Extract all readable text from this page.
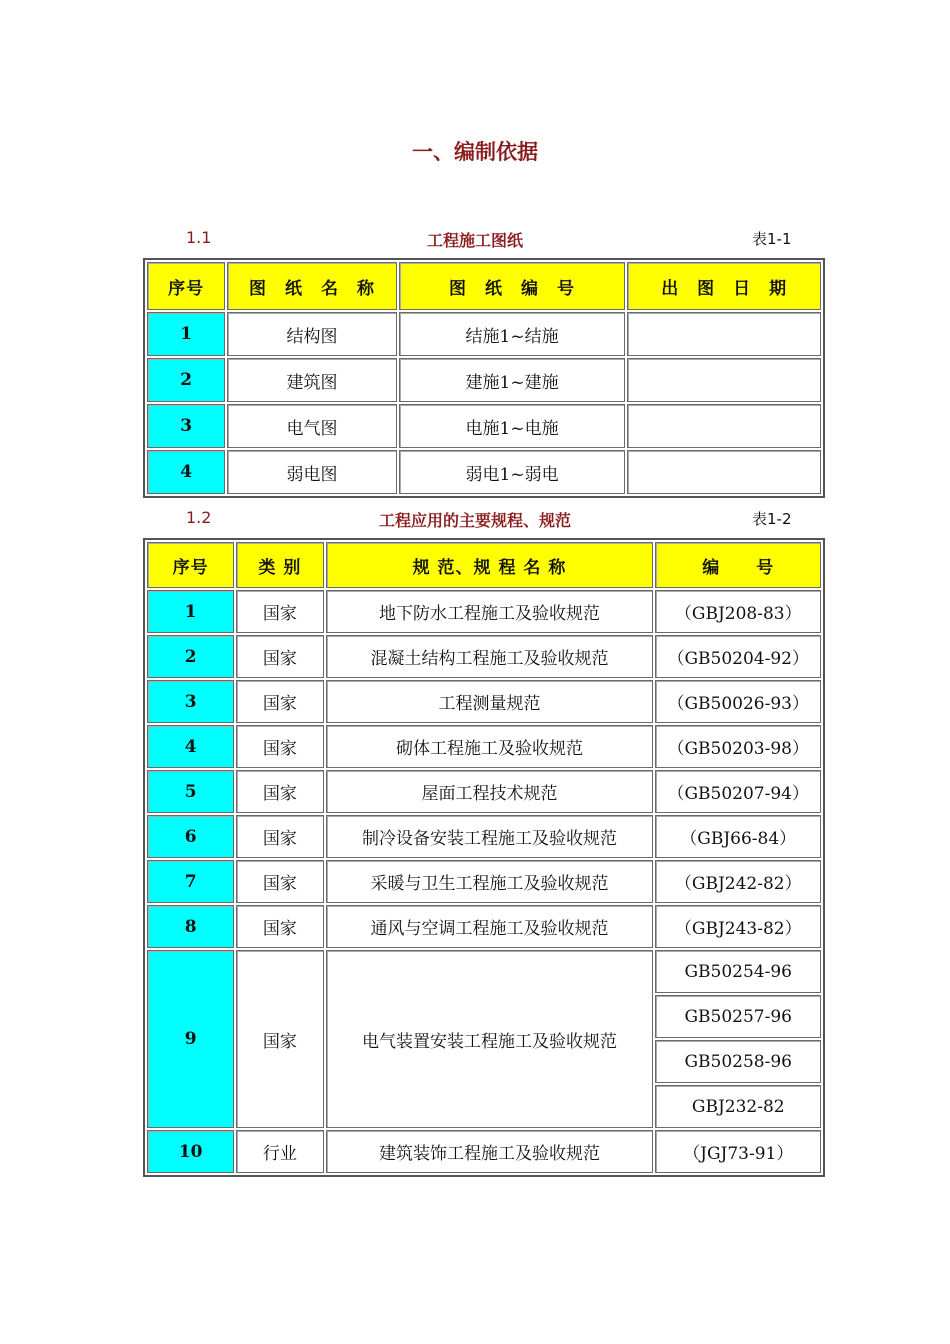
一、编制依据
1.1	工程施工图纸	表1-1
序号	图　纸　名　称	图　纸　编　号	出　图　日　期
1	结构图	结施1~结施	
2	建筑图	建施1~建施	
3	电气图	电施1~电施	
4	弱电图	弱电1~弱电	
1.2	工程应用的主要规程、规范	表1-2
序号	类 别	规 范、规 程 名 称	编　　号
1	国家	地下防水工程施工及验收规范	（GBJ208-83）
2	国家	混凝土结构工程施工及验收规范	（GB50204-92）
3	国家	工程测量规范	（GB50026-93）
4	国家	砌体工程施工及验收规范	（GB50203-98）
5	国家	屋面工程技术规范	（GB50207-94）
6	国家	制冷设备安装工程施工及验收规范	（GBJ66-84）
7	国家	采暖与卫生工程施工及验收规范	（GBJ242-82）
8	国家	通风与空调工程施工及验收规范	（GBJ243-82）
9	国家	电气装置安装工程施工及验收规范	GB50254-96
			GB50257-96
			GB50258-96
			GBJ232-82
10	行业	建筑装饰工程施工及验收规范	（JGJ73-91）
